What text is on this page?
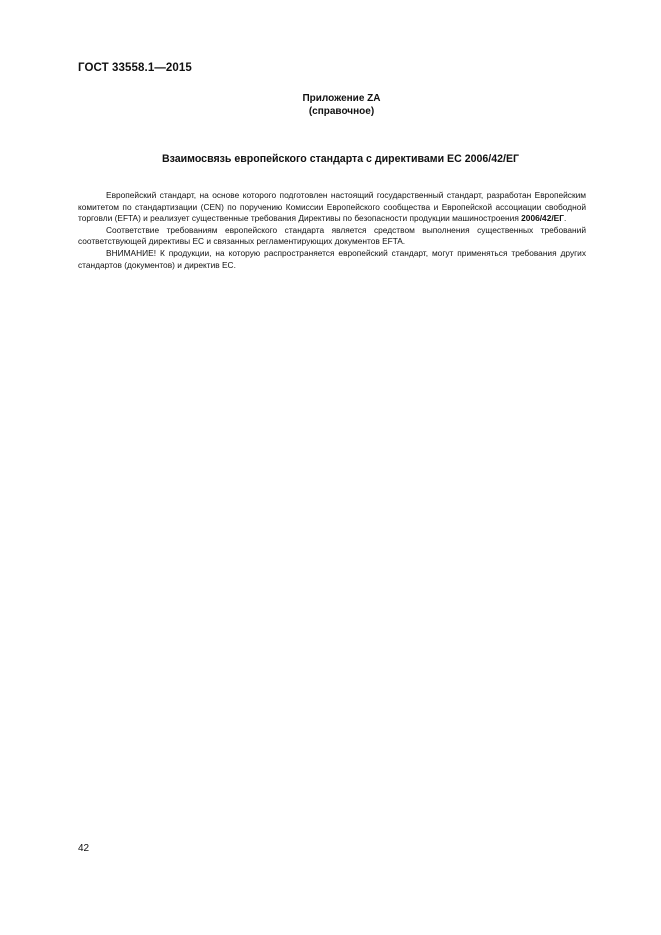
ГОСТ 33558.1—2015
Приложение ZA
(справочное)
Взаимосвязь европейского стандарта с директивами ЕС 2006/42/ЕГ

Европейский стандарт, на основе которого подготовлен настоящий государственный стандарт, разработан Европейским комитетом по стандартизации (CEN) по поручению Комиссии Европейского сообщества и Европейской ассоциации свободной торговли (EFTA) и реализует существенные требования Директивы по безопасности продукции машиностроения 2006/42/ЕГ.

Соответствие требованиям европейского стандарта является средством выполнения существенных требований соответствующей директивы ЕС и связанных регламентирующих документов EFTA.

ВНИМАНИЕ! К продукции, на которую распространяется европейский стандарт, могут применяться требования других стандартов (документов) и директив ЕС.

42
